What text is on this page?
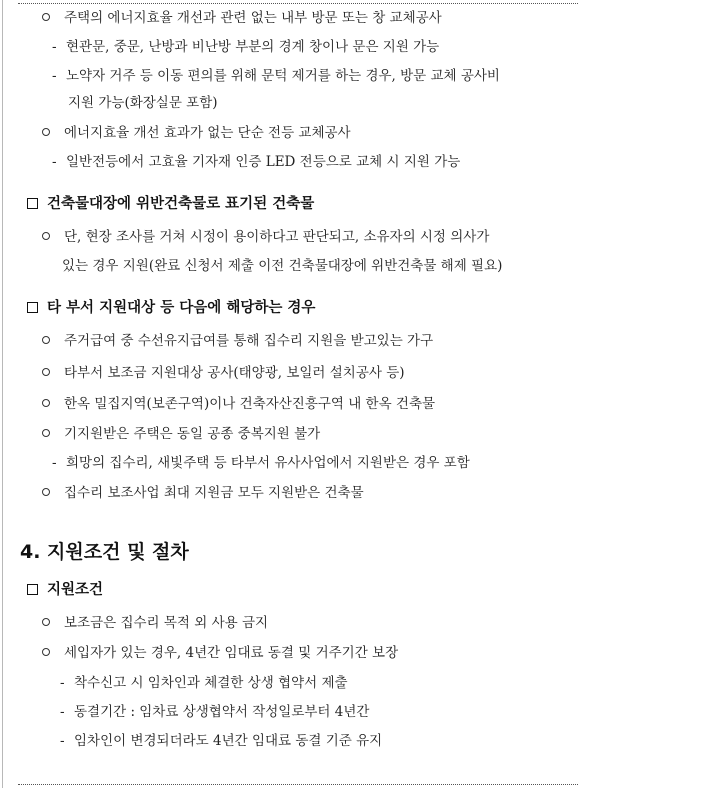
주택의 에너지효율 개선과 관련 없는 내부 방문 또는 창 교체공사
- 현관문, 중문, 난방과 비난방 부분의 경계 창이나 문은 지원 가능
- 노약자 거주 등 이동 편의를 위해 문턱 제거를 하는 경우, 방문 교체 공사비
지원 가능(화장실문 포함)
에너지효율 개선 효과가 없는 단순 전등 교체공사
- 일반전등에서 고효율 기자재 인증 LED 전등으로 교체 시 지원 가능
건축물대장에 위반건축물로 표기된 건축물
단, 현장 조사를 거쳐 시정이 용이하다고 판단되고, 소유자의 시정 의사가
있는 경우 지원(완료 신청서 제출 이전 건축물대장에 위반건축물 해제 필요)
타 부서 지원대상 등 다음에 해당하는 경우
주거급여 중 수선유지급여를 통해 집수리 지원을 받고있는 가구
타부서 보조금 지원대상 공사(태양광, 보일러 설치공사 등)
한옥 밀집지역(보존구역)이나 건축자산진흥구역 내 한옥 건축물
기지원받은 주택은 동일 공종 중복지원 불가
- 희망의 집수리, 새빛주택 등 타부서 유사사업에서 지원받은 경우 포함
집수리 보조사업 최대 지원금 모두 지원받은 건축물
4. 지원조건 및 절차
지원조건
보조금은 집수리 목적 외 사용 금지
세입자가 있는 경우, 4년간 임대료 동결 및 거주기간 보장
- 착수신고 시 임차인과 체결한 상생 협약서 제출
- 동결기간 : 임차료 상생협약서 작성일로부터 4년간
- 임차인이 변경되더라도 4년간 임대료 동결 기준 유지
